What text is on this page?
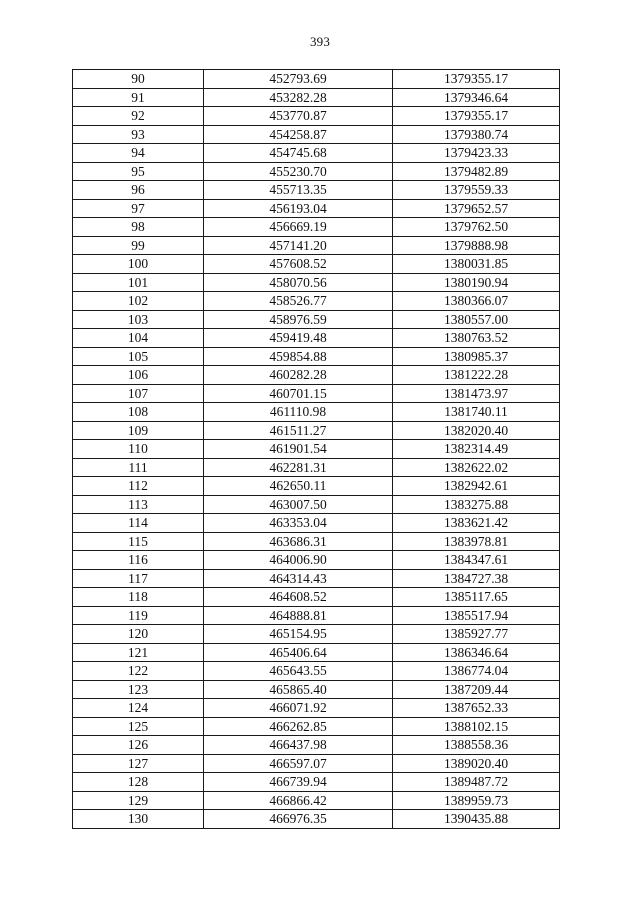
393
90	452793.69	1379355.17
91	453282.28	1379346.64
92	453770.87	1379355.17
93	454258.87	1379380.74
94	454745.68	1379423.33
95	455230.70	1379482.89
96	455713.35	1379559.33
97	456193.04	1379652.57
98	456669.19	1379762.50
99	457141.20	1379888.98
100	457608.52	1380031.85
101	458070.56	1380190.94
102	458526.77	1380366.07
103	458976.59	1380557.00
104	459419.48	1380763.52
105	459854.88	1380985.37
106	460282.28	1381222.28
107	460701.15	1381473.97
108	461110.98	1381740.11
109	461511.27	1382020.40
110	461901.54	1382314.49
111	462281.31	1382622.02
112	462650.11	1382942.61
113	463007.50	1383275.88
114	463353.04	1383621.42
115	463686.31	1383978.81
116	464006.90	1384347.61
117	464314.43	1384727.38
118	464608.52	1385117.65
119	464888.81	1385517.94
120	465154.95	1385927.77
121	465406.64	1386346.64
122	465643.55	1386774.04
123	465865.40	1387209.44
124	466071.92	1387652.33
125	466262.85	1388102.15
126	466437.98	1388558.36
127	466597.07	1389020.40
128	466739.94	1389487.72
129	466866.42	1389959.73
130	466976.35	1390435.88
